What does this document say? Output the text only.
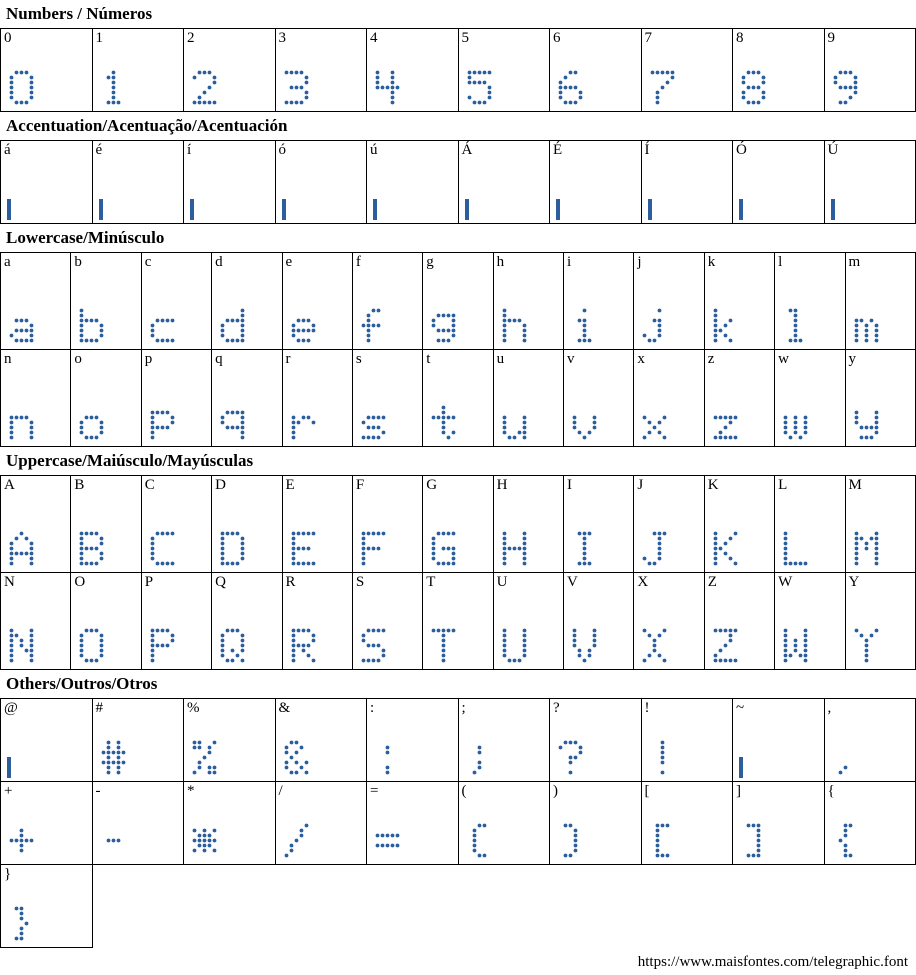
Numbers / Números
0	1	2	3	4	5	6	7	8	9
Accentuation/Acentuação/Acentuación
á	é	í	ó	ú	Á	É	Í	Ó	Ú
Lowercase/Minúsculo
a	b	c	d	e	f	g	h	i	j	k	l	m
n	o	p	q	r	s	t	u	v	x	z	w	y
Uppercase/Maiúsculo/Mayúsculas
A	B	C	D	E	F	G	H	I	J	K	L	M
N	O	P	Q	R	S	T	U	V	X	Z	W	Y
Others/Outros/Otros
@	#	%	&	:	;	?	!	~	,
+	-	*	/	=	(	)	[	]	{
}
https://www.maisfontes.com/telegraphic.font
